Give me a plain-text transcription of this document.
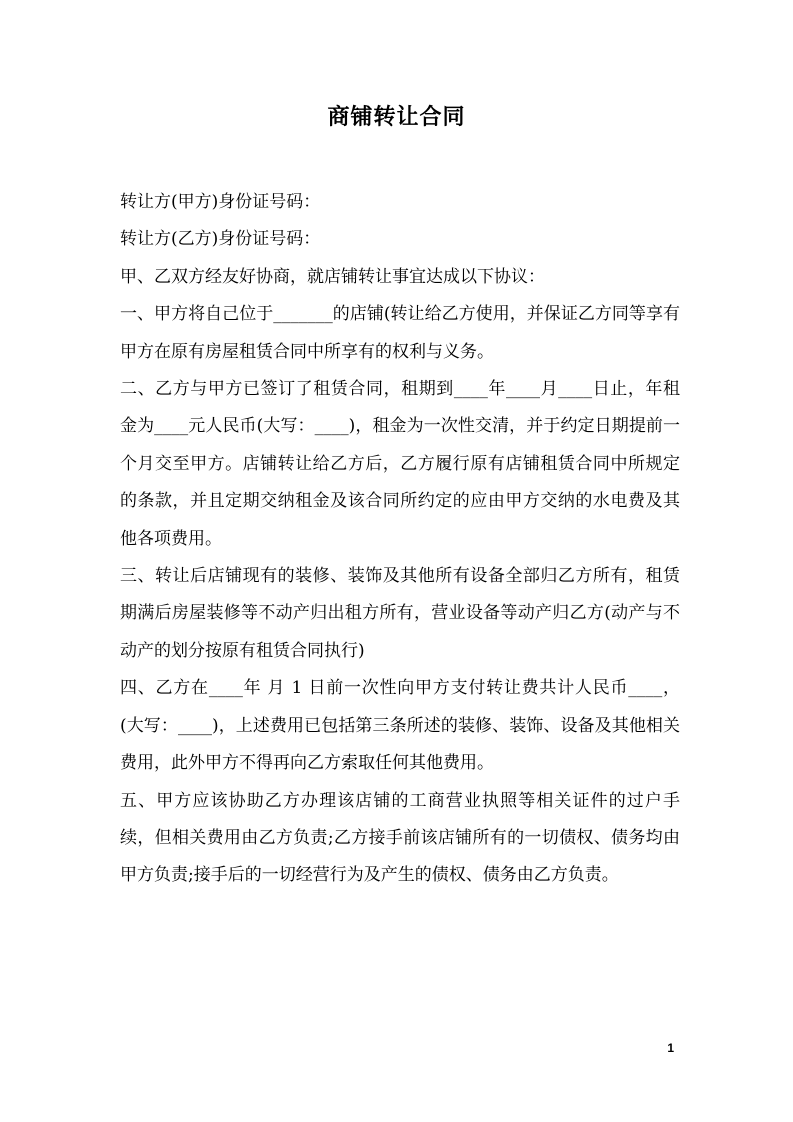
商铺转让合同

转让方(甲方)身份证号码：

转让方(乙方)身份证号码：

甲、乙双方经友好协商，就店铺转让事宜达成以下协议：

一、甲方将自己位于_______的店铺(转让给乙方使用，并保证乙方同等享有甲方在原有房屋租赁合同中所享有的权利与义务。

二、乙方与甲方已签订了租赁合同，租期到____年____月____日止，年租金为____元人民币(大写：____)，租金为一次性交清，并于约定日期提前一个月交至甲方。店铺转让给乙方后，乙方履行原有店铺租赁合同中所规定的条款，并且定期交纳租金及该合同所约定的应由甲方交纳的水电费及其他各项费用。

三、转让后店铺现有的装修、装饰及其他所有设备全部归乙方所有，租赁期满后房屋装修等不动产归出租方所有，营业设备等动产归乙方(动产与不动产的划分按原有租赁合同执行)

四、乙方在____年 月 1 日前一次性向甲方支付转让费共计人民币____，(大写：____)，上述费用已包括第三条所述的装修、装饰、设备及其他相关费用，此外甲方不得再向乙方索取任何其他费用。

五、甲方应该协助乙方办理该店铺的工商营业执照等相关证件的过户手续，但相关费用由乙方负责;乙方接手前该店铺所有的一切债权、债务均由甲方负责;接手后的一切经营行为及产生的债权、债务由乙方负责。

1
